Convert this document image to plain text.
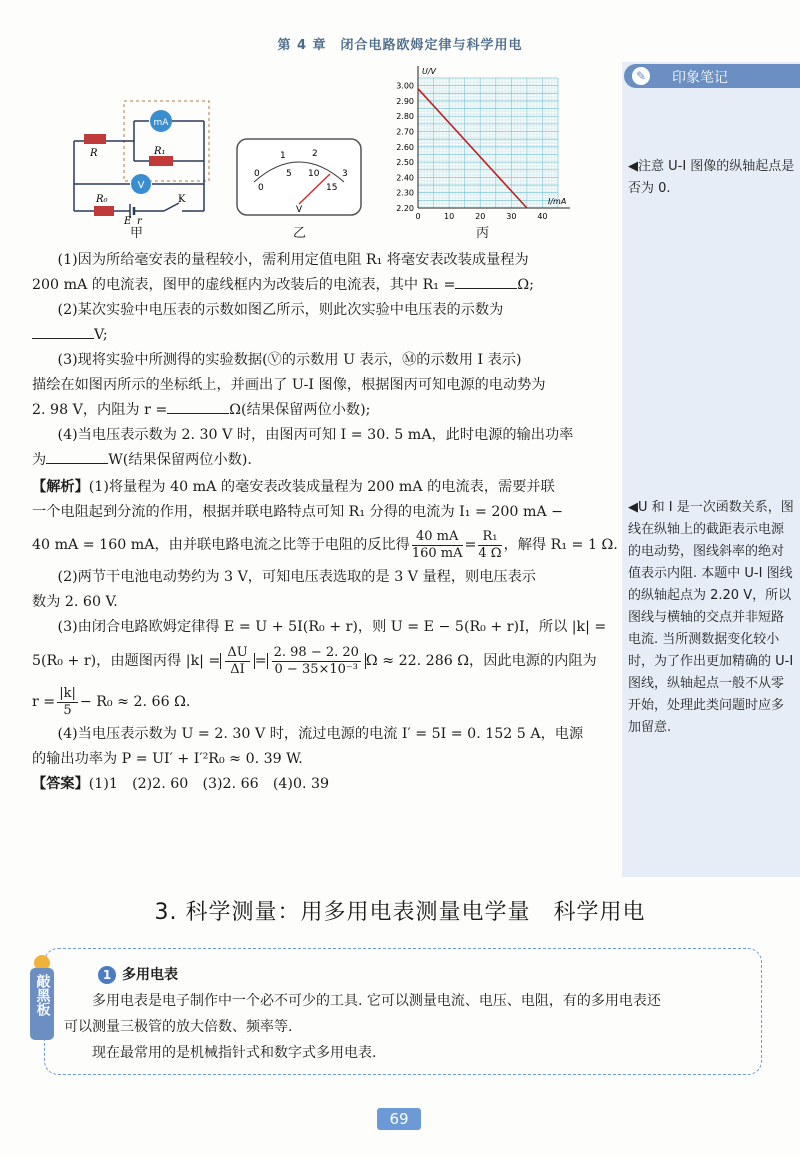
第 4 章　闭合电路欧姆定律与科学用电
✎ 印象笔记
◀注意 U-I 图像的纵轴起点是否为 0.
◀U 和 I 是一次函数关系，图线在纵轴上的截距表示电源的电动势，图线斜率的绝对值表示内阻. 本题中 U-I 图线的纵轴起点为 2.20 V，所以图线与横轴的交点并非短路电流. 当所测数据变化较小时，为了作出更加精确的 U-I 图线，纵轴起点一般不从零开始，处理此类问题时应多加留意.
mA
V
R	R₁
R₀
E r
K
甲
0
1	2
3
0
5 10
15
V
乙
3.00
2.90
2.80
2.70
2.60
2.50
2.40
2.30
2.20
0	10	20	30	40
U/V
I/mA
丙

(1)因为所给毫安表的量程较小，需利用定值电阻 R₁ 将毫安表改装成量程为

200 mA 的电流表，图甲的虚线框内为改装后的电流表，其中 R₁ =	Ω;

(2)某次实验中电压表的示数如图乙所示，则此次实验中电压表的示数为

V;

(3)现将实验中所测得的实验数据(Ⓥ的示数用 U 表示，Ⓜ的示数用 I 表示)

描绘在如图丙所示的坐标纸上，并画出了 U-I 图像，根据图丙可知电源的电动势为

2. 98 V，内阻为 r =	Ω(结果保留两位小数);

(4)当电压表示数为 2. 30 V 时，由图丙可知 I = 30. 5 mA，此时电源的输出功率

为	W(结果保留两位小数).

【解析】(1)将量程为 40 mA 的毫安表改装成量程为 200 mA 的电流表，需要并联

一个电阻起到分流的作用，根据并联电路特点可知 R₁ 分得的电流为 I₁ = 200 mA −

40 mA = 160 mA，由并联电路电流之比等于电阻的反比得 $\frac{40 mA}{160 mA} = \frac{\text{R₁}}{4 \Omega}$ ，解得 R₁ = 1 Ω.

(2)两节干电池电动势约为 3 V，可知电压表选取的是 3 V 量程，则电压表示

数为 2. 60 V.

(3)由闭合电路欧姆定律得 E = U + 5I(R₀ + r)，则 U = E − 5(R₀ + r)I，所以 |k| =

5(R₀ + r)，由题图丙得 $|k| = \frac{\Delta U}{\Delta I} = \frac{2. 98 - 2. 20}{\text{0 − 35×10⁻³}}$ Ω ≈ 22. 286 Ω，因此电源的内阻为

$r = \frac{|k|}{5} - R_0 \approx 2$. 66 Ω.

(4)当电压表示数为 U = 2. 30 V 时，流过电源的电流 I′ = 5I = 0. 152 5 A，电源

的输出功率为 P = UI′ + I′²R₀ ≈ 0. 39 W.

【答案】(1)1　(2)2. 60　(3)2. 66　(4)0. 39

3. 科学测量：用多用电表测量电学量　科学用电
敲黑板	1 多用电表
多用电表是电子制作中一个必不可少的工具. 它可以测量电流、电压、电阻，有的多用电表还
可以测量三极管的放大倍数、频率等.
现在最常用的是机械指针式和数字式多用电表.
69
